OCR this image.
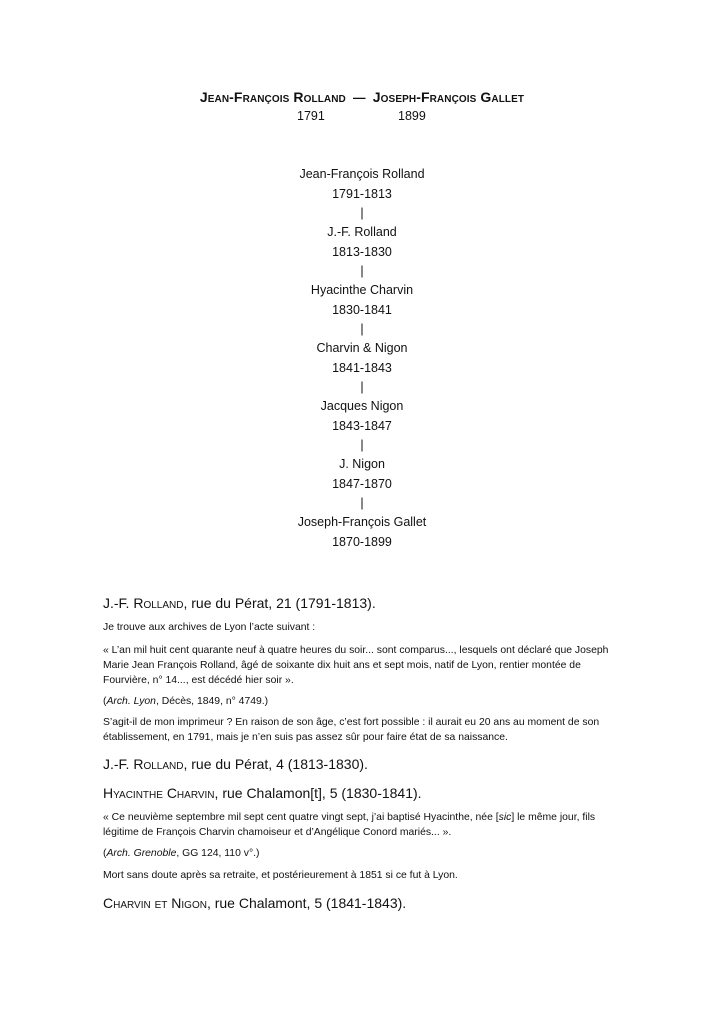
Jean-François Rolland — Joseph-François Gallet
1791	1899
Jean-François Rolland
1791-1813
|
J.-F. Rolland
1813-1830
|
Hyacinthe Charvin
1830-1841
|
Charvin & Nigon
1841-1843
|
Jacques Nigon
1843-1847
|
J. Nigon
1847-1870
|
Joseph-François Gallet
1870-1899

J.-F. Rolland, rue du Pérat, 21 (1791-1813).

Je trouve aux archives de Lyon l’acte suivant :

« L’an mil huit cent quarante neuf à quatre heures du soir... sont comparus..., lesquels ont déclaré que Joseph Marie Jean François Rolland, âgé de soixante dix huit ans et sept mois, natif de Lyon, rentier montée de Fourvière, n° 14..., est décédé hier soir ».

(Arch. Lyon, Décès, 1849, n° 4749.)

S’agit-il de mon imprimeur ? En raison de son âge, c’est fort possible : il aurait eu 20 ans au moment de son établissement, en 1791, mais je n’en suis pas assez sûr pour faire état de sa naissance.

J.-F. Rolland, rue du Pérat, 4 (1813-1830).

Hyacinthe Charvin, rue Chalamon[t], 5 (1830-1841).

« Ce neuvième septembre mil sept cent quatre vingt sept, j’ai baptisé Hyacinthe, née [sic] le même jour, fils légitime de François Charvin chamoiseur et d’Angélique Conord mariés... ».

(Arch. Grenoble, GG 124, 110 v°.)

Mort sans doute après sa retraite, et postérieurement à 1851 si ce fut à Lyon.

Charvin et Nigon, rue Chalamont, 5 (1841-1843).
